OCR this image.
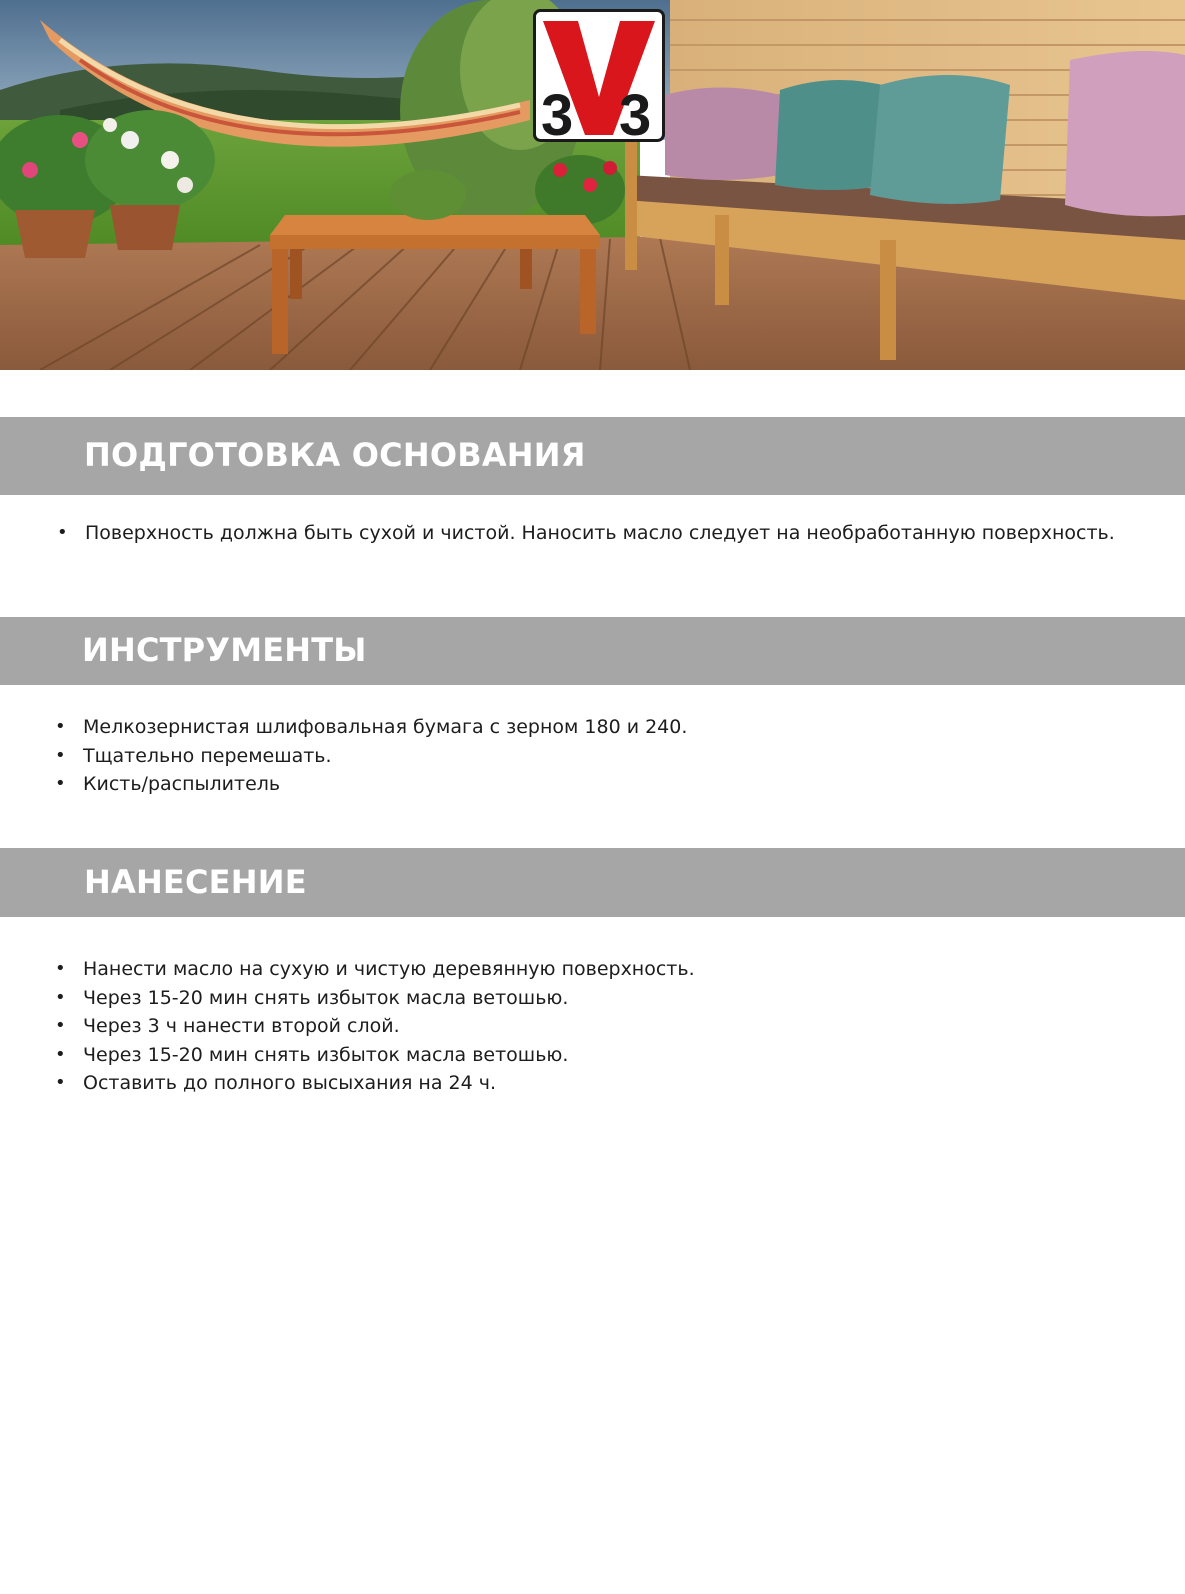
3 3
ПОДГОТОВКА ОСНОВАНИЯ
• Поверхность должна быть сухой и чистой. Наносить масло следует на необработанную поверхность.
ИНСТРУМЕНТЫ
• Мелкозернистая шлифовальная бумага с зерном 180 и 240.
• Тщательно перемешать.
• Кисть/распылитель
НАНЕСЕНИЕ
• Нанести масло на сухую и чистую деревянную поверхность.
• Через 15-20 мин снять избыток масла ветошью.
• Через 3 ч нанести второй слой.
• Через 15-20 мин снять избыток масла ветошью.
• Оставить до полного высыхания на 24 ч.
